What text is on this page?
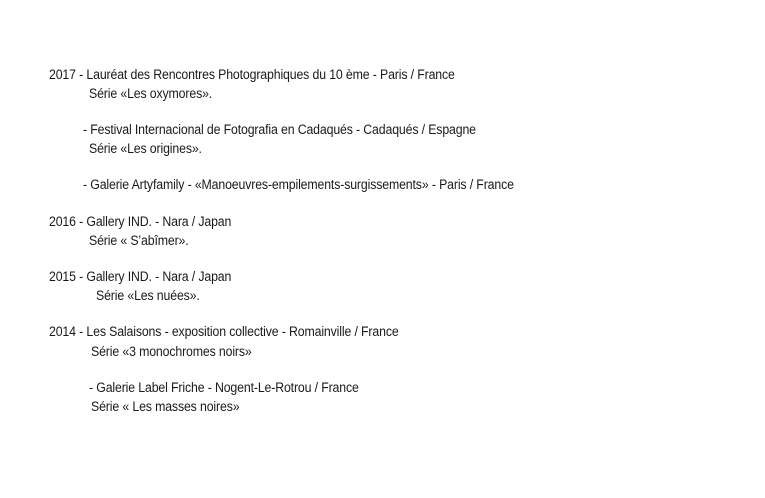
2017 - Lauréat des Rencontres Photographiques du 10 ème - Paris / France
Série «Les oxymores».
- Festival Internacional de Fotografia en Cadaqués - Cadaqués / Espagne
Série «Les origines».
- Galerie Artyfamily - «Manoeuvres-empilements-surgissements» - Paris / France
2016 - Gallery IND. - Nara / Japan
Série « S’abîmer».
2015 - Gallery IND. - Nara / Japan
Série «Les nuées».
2014 - Les Salaisons - exposition collective - Romainville / France
Série «3 monochromes noirs»
- Galerie Label Friche - Nogent-Le-Rotrou / France
Série « Les masses noires»
